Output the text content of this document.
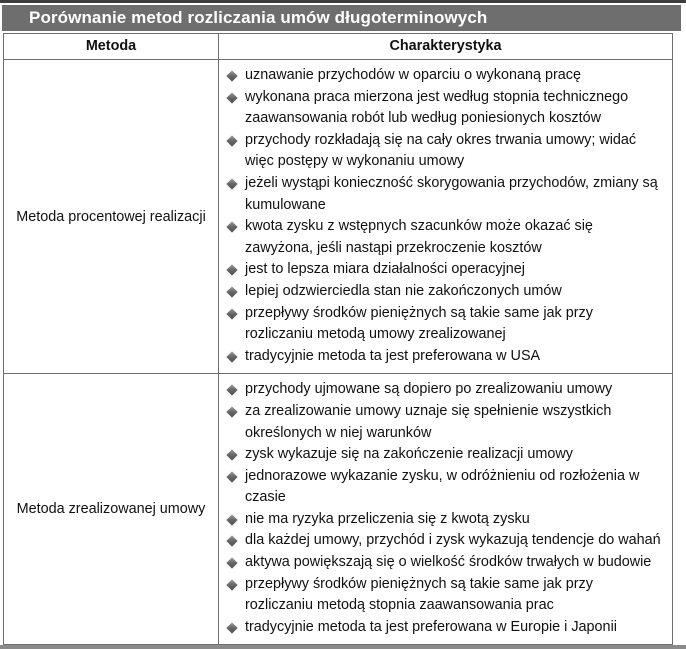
Porównanie metod rozliczania umów długoterminowych
Metoda	Charakterystyka
Metoda procentowej realizacji
uznawanie przychodów w oparciu o wykonaną pracę
wykonana praca mierzona jest według stopnia technicznego zaawansowania robót lub według poniesionych kosztów
przychody rozkładają się na cały okres trwania umowy; widać więc postępy w wykonaniu umowy
jeżeli wystąpi konieczność skorygowania przychodów, zmiany są kumulowane
kwota zysku z wstępnych szacunków może okazać się zawyżona, jeśli nastąpi przekroczenie kosztów
jest to lepsza miara działalności operacyjnej
lepiej odzwierciedla stan nie zakończonych umów
przepływy środków pieniężnych są takie same jak przy rozliczaniu metodą umowy zrealizowanej
tradycyjnie metoda ta jest preferowana w USA
Metoda zrealizowanej umowy
przychody ujmowane są dopiero po zrealizowaniu umowy
za zrealizowanie umowy uznaje się spełnienie wszystkich określonych w niej warunków
zysk wykazuje się na zakończenie realizacji umowy
jednorazowe wykazanie zysku, w odróżnieniu od rozłożenia w czasie
nie ma ryzyka przeliczenia się z kwotą zysku
dla każdej umowy, przychód i zysk wykazują tendencje do wahań
aktywa powiększają się o wielkość środków trwałych w budowie
przepływy środków pieniężnych są takie same jak przy rozliczaniu metodą stopnia zaawansowania prac
tradycyjnie metoda ta jest preferowana w Europie i Japonii
